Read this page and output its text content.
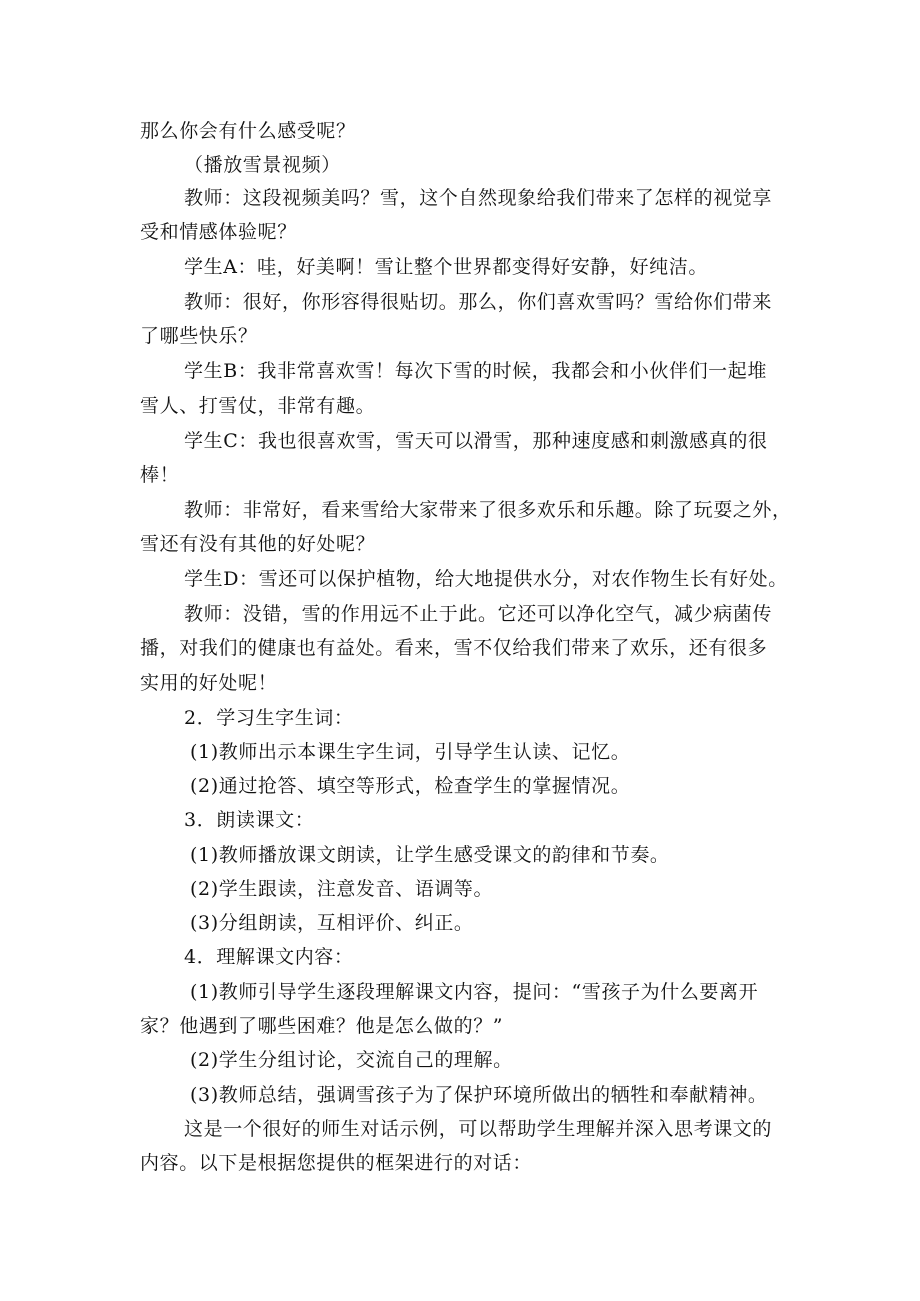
那么你会有什么感受呢？
（播放雪景视频）
教师：这段视频美吗？雪，这个自然现象给我们带来了怎样的视觉享
受和情感体验呢？
学生A：哇，好美啊！雪让整个世界都变得好安静，好纯洁。
教师：很好，你形容得很贴切。那么，你们喜欢雪吗？雪给你们带来
了哪些快乐？
学生B：我非常喜欢雪！每次下雪的时候，我都会和小伙伴们一起堆
雪人、打雪仗，非常有趣。
学生C：我也很喜欢雪，雪天可以滑雪，那种速度感和刺激感真的很
棒！
教师：非常好，看来雪给大家带来了很多欢乐和乐趣。除了玩耍之外，
雪还有没有其他的好处呢？
学生D：雪还可以保护植物，给大地提供水分，对农作物生长有好处。
教师：没错，雪的作用远不止于此。它还可以净化空气，减少病菌传
播，对我们的健康也有益处。看来，雪不仅给我们带来了欢乐，还有很多
实用的好处呢！
2．学习生字生词：
(1)教师出示本课生字生词，引导学生认读、记忆。
(2)通过抢答、填空等形式，检查学生的掌握情况。
3．朗读课文：
(1)教师播放课文朗读，让学生感受课文的韵律和节奏。
(2)学生跟读，注意发音、语调等。
(3)分组朗读，互相评价、纠正。
4．理解课文内容：
(1)教师引导学生逐段理解课文内容，提问：“雪孩子为什么要离开
家？他遇到了哪些困难？他是怎么做的？”
(2)学生分组讨论，交流自己的理解。
(3)教师总结，强调雪孩子为了保护环境所做出的牺牲和奉献精神。
这是一个很好的师生对话示例，可以帮助学生理解并深入思考课文的
内容。以下是根据您提供的框架进行的对话：
